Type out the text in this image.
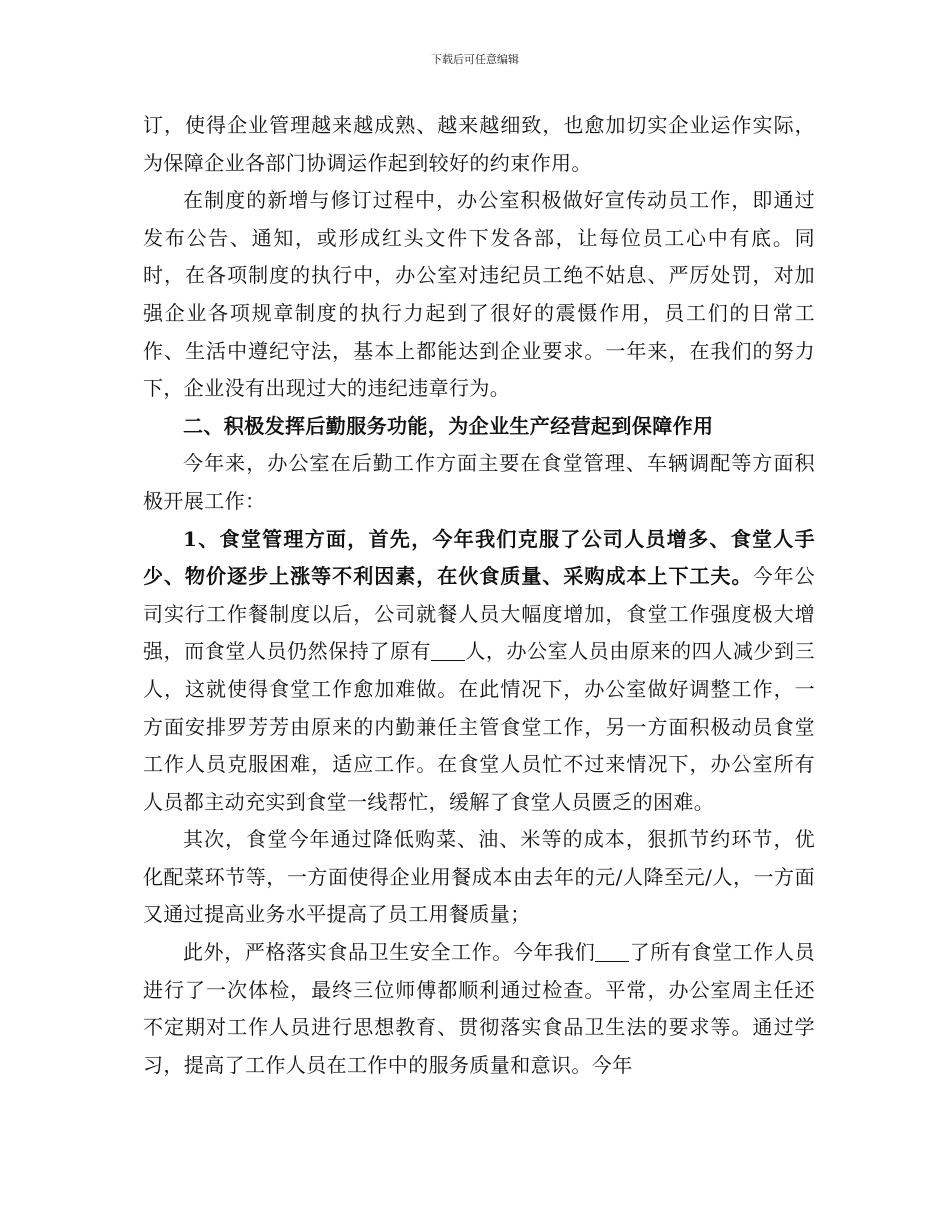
下载后可任意编辑

订，使得企业管理越来越成熟、越来越细致，也愈加切实企业运作实际，为保障企业各部门协调运作起到较好的约束作用。

在制度的新增与修订过程中，办公室积极做好宣传动员工作，即通过发布公告、通知，或形成红头文件下发各部，让每位员工心中有底。同时，在各项制度的执行中，办公室对违纪员工绝不姑息、严厉处罚，对加强企业各项规章制度的执行力起到了很好的震慑作用，员工们的日常工作、生活中遵纪守法，基本上都能达到企业要求。一年来，在我们的努力下，企业没有出现过大的违纪违章行为。

二、积极发挥后勤服务功能，为企业生产经营起到保障作用

今年来，办公室在后勤工作方面主要在食堂管理、车辆调配等方面积极开展工作：

1、食堂管理方面，首先，今年我们克服了公司人员增多、食堂人手少、物价逐步上涨等不利因素，在伙食质量、采购成本上下工夫。今年公司实行工作餐制度以后，公司就餐人员大幅度增加，食堂工作强度极大增强，而食堂人员仍然保持了原有 人，办公室人员由原来的四人减少到三人，这就使得食堂工作愈加难做。在此情况下，办公室做好调整工作，一方面安排罗芳芳由原来的内勤兼任主管食堂工作，另一方面积极动员食堂工作人员克服困难，适应工作。在食堂人员忙不过来情况下，办公室所有人员都主动充实到食堂一线帮忙，缓解了食堂人员匮乏的困难。

其次，食堂今年通过降低购菜、油、米等的成本，狠抓节约环节，优化配菜环节等，一方面使得企业用餐成本由去年的元/人降至元/人，一方面又通过提高业务水平提高了员工用餐质量；

此外，严格落实食品卫生安全工作。今年我们 了所有食堂工作人员进行了一次体检，最终三位师傅都顺利通过检查。平常，办公室周主任还不定期对工作人员进行思想教育、贯彻落实食品卫生法的要求等。通过学习，提高了工作人员在工作中的服务质量和意识。今年
